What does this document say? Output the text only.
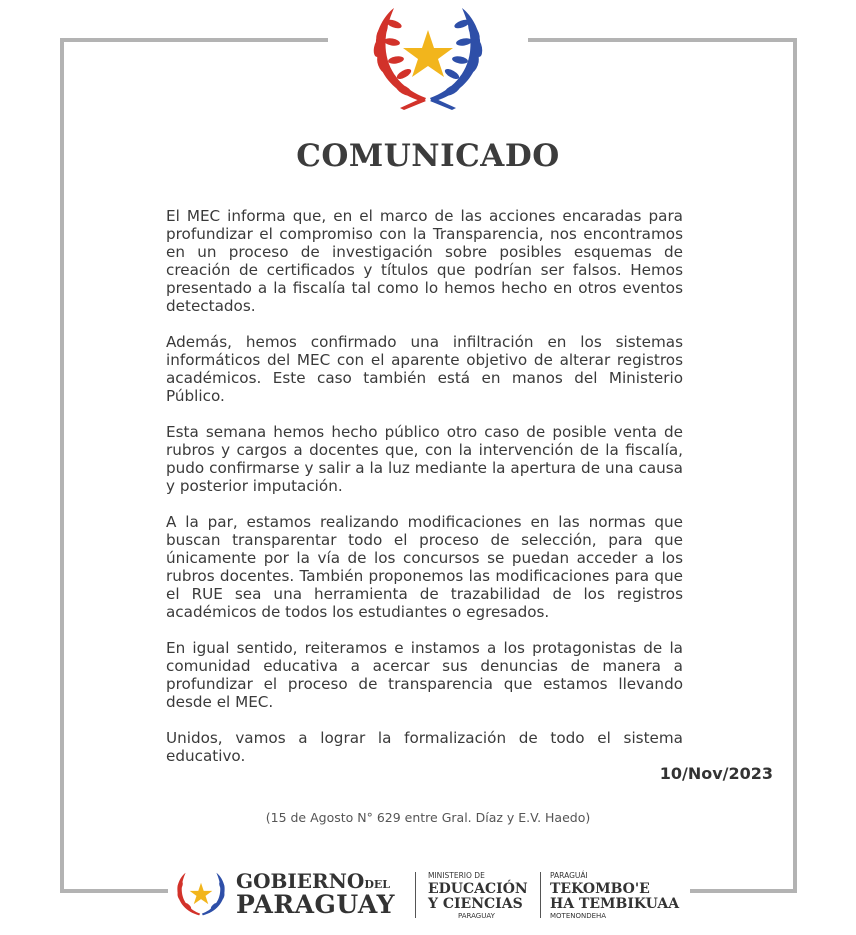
COMUNICADO

El MEC informa que, en el marco de las acciones encaradas para profundizar el compromiso con la Transparencia, nos encontramos en un proceso de investigación sobre posibles esquemas de creación de certificados y títulos que podrían ser falsos. Hemos presentado a la fiscalía tal como lo hemos hecho en otros eventos detectados.

Además, hemos confirmado una infiltración en los sistemas informáticos del MEC con el aparente objetivo de alterar registros académicos. Este caso también está en manos del Ministerio Público.

Esta semana hemos hecho público otro caso de posible venta de rubros y cargos a docentes que, con la intervención de la fiscalía, pudo confirmarse y salir a la luz mediante la apertura de una causa y posterior imputación.

A la par, estamos realizando modificaciones en las normas que buscan transparentar todo el proceso de selección, para que únicamente por la vía de los concursos se puedan acceder a los rubros docentes. También proponemos las modificaciones para que el RUE sea una herramienta de trazabilidad de los registros académicos de todos los estudiantes o egresados.

En igual sentido, reiteramos e instamos a los protagonistas de la comunidad educativa a acercar sus denuncias de manera a profundizar el proceso de transparencia que estamos llevando desde el MEC.

Unidos, vamos a lograr la formalización de todo el sistema educativo.

10/Nov/2023
(15 de Agosto N° 629 entre Gral. Díaz y E.V. Haedo)
GOBIERNODEL
PARAGUAY
MINISTERIO DE
EDUCACIÓN
Y CIENCIAS
PARAGUAY
PARAGUÁI
TEKOMBO'E
HA TEMBIKUAA
MOTENONDEHA
